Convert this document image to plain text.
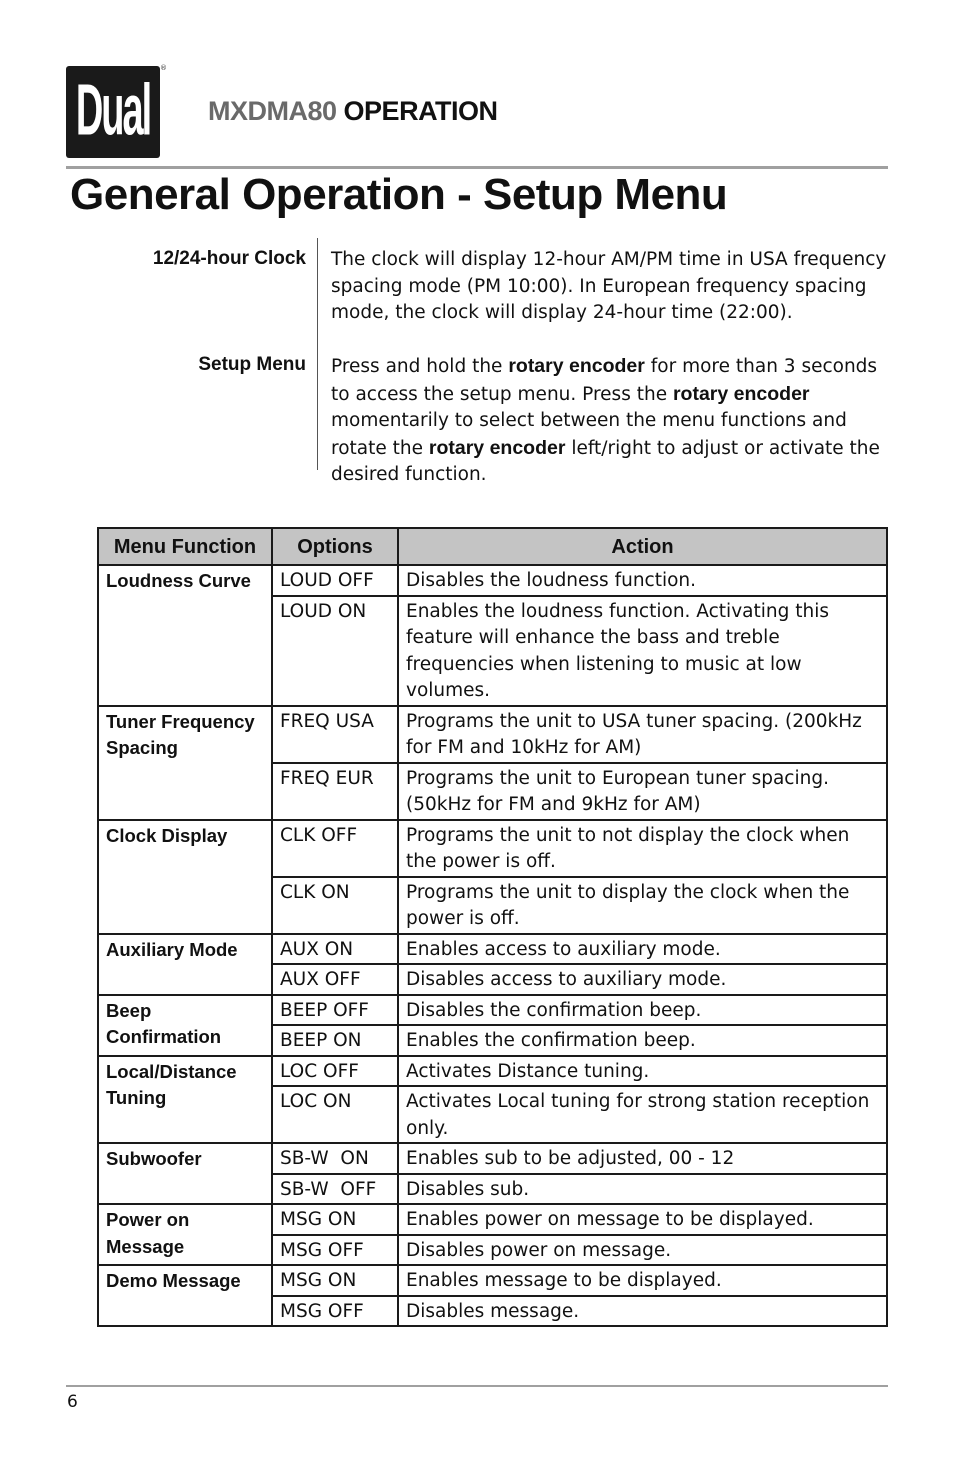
Dual
®
MXDMA80 OPERATION
General Operation - Setup Menu
12/24-hour Clock The clock will display 12-hour AM/PM time in USA frequency spacing mode (PM 10:00). In European frequency spacing mode, the clock will display 24-hour time (22:00).
Setup Menu Press and hold the rotary encoder for more than 3 seconds to access the setup menu. Press the rotary encoder momentarily to select between the menu functions and rotate the rotary encoder left/right to adjust or activate the desired function.
Menu Function	Options	Action
Loudness Curve	LOUD OFF	Disables the loudness function.
	LOUD ON	Enables the loudness function. Activating this feature will enhance the bass and treble frequencies when listening to music at low volumes.
Tuner Frequency Spacing	FREQ USA	Programs the unit to USA tuner spacing. (200kHz for FM and 10kHz for AM)
	FREQ EUR	Programs the unit to European tuner spacing. (50kHz for FM and 9kHz for AM)
Clock Display	CLK OFF	Programs the unit to not display the clock when the power is off.
	CLK ON	Programs the unit to display the clock when the power is off.
Auxiliary Mode	AUX ON	Enables access to auxiliary mode.
	AUX OFF	Disables access to auxiliary mode.
Beep Confirmation	BEEP OFF	Disables the confirmation beep.
	BEEP ON	Enables the confirmation beep.
Local/Distance Tuning	LOC OFF	Activates Distance tuning.
	LOC ON	Activates Local tuning for strong station reception only.
Subwoofer	SB-W  ON	Enables sub to be adjusted, 00 - 12
	SB-W  OFF	Disables sub.
Power on Message	MSG ON	Enables power on message to be displayed.
	MSG OFF	Disables power on message.
Demo Message	MSG ON	Enables message to be displayed.
	MSG OFF	Disables message.
6
